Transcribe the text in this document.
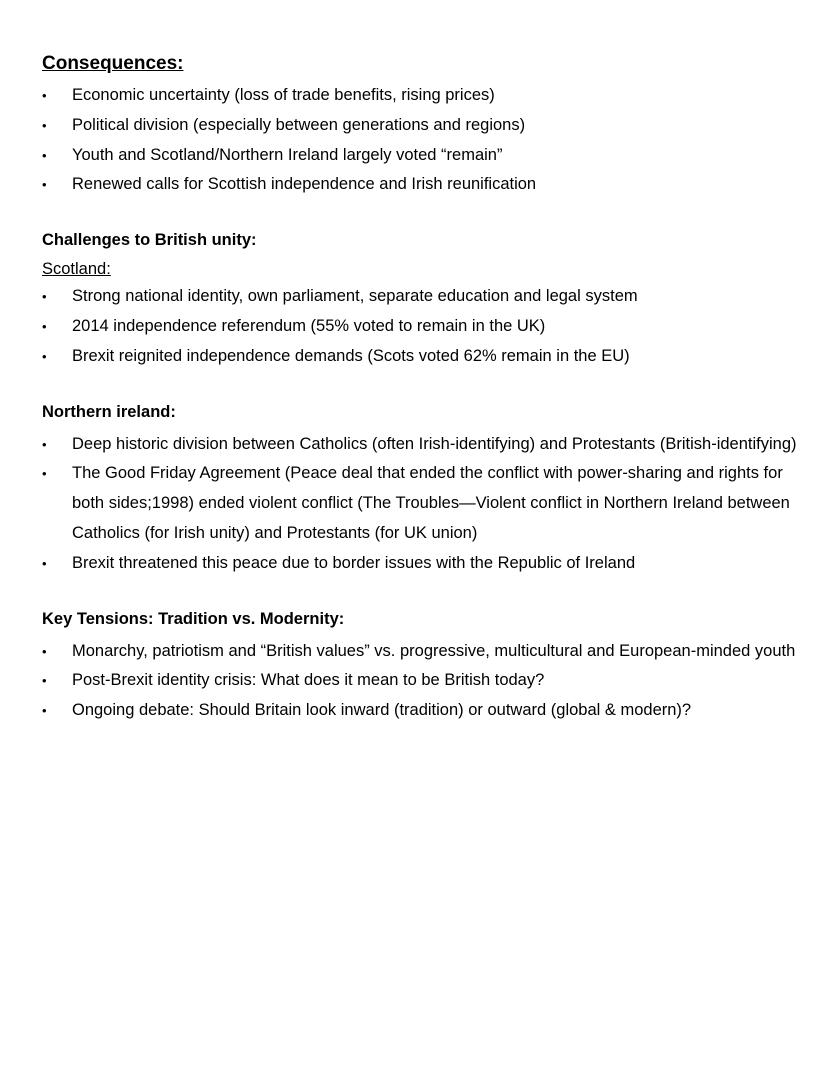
Consequences:
• Economic uncertainty (loss of trade benefits, rising prices)
• Political division (especially between generations and regions)
• Youth and Scotland/Northern Ireland largely voted “remain”
• Renewed calls for Scottish independence and Irish reunification
Challenges to British unity:
Scotland:
• Strong national identity, own parliament, separate education and legal system
• 2014 independence referendum (55% voted to remain in the UK)
• Brexit reignited independence demands (Scots voted 62% remain in the EU)
Northern ireland:
• Deep historic division between Catholics (often Irish-identifying) and Protestants (British-identifying)
• The Good Friday Agreement (Peace deal that ended the conflict with power-sharing and rights for both sides;1998) ended violent conflict (The Troubles—Violent conflict in Northern Ireland between Catholics (for Irish unity) and Protestants (for UK union)
• Brexit threatened this peace due to border issues with the Republic of Ireland
Key Tensions: Tradition vs. Modernity:
• Monarchy, patriotism and “British values” vs. progressive, multicultural and European-minded youth
• Post-Brexit identity crisis: What does it mean to be British today?
• Ongoing debate: Should Britain look inward (tradition) or outward (global & modern)?
